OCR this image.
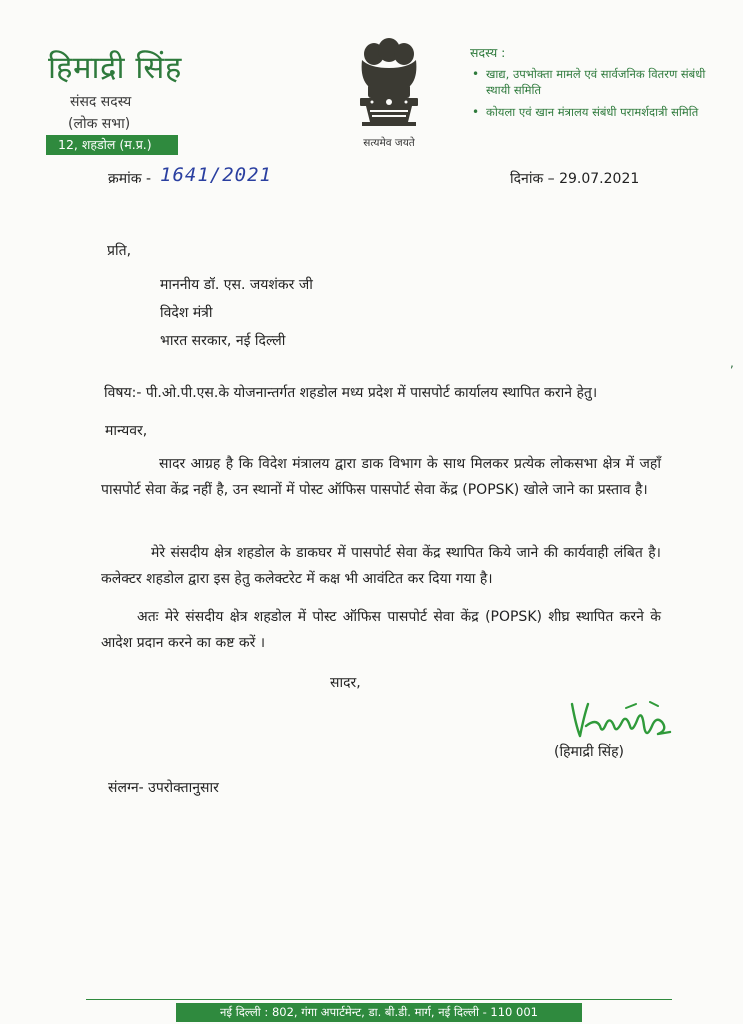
हिमाद्री सिंह
संसद सदस्य
(लोक सभा)
12, शहडोल (म.प्र.)	सत्यमेव जयते
सदस्य :
• खाद्य, उपभोक्ता मामले एवं सार्वजनिक वितरण संबंधी स्थायी समिति
• कोयला एवं खान मंत्रालय संबंधी परामर्शदात्री समिति
क्रमांक - 1641/2021	दिनांक – 29.07.2021
प्रति,
माननीय डॉ. एस. जयशंकर जी
विदेश मंत्री
भारत सरकार, नई दिल्ली
,
विषय:- पी.ओ.पी.एस.के योजनान्तर्गत शहडोल मध्य प्रदेश में पासपोर्ट कार्यालय स्थापित कराने हेतु।
मान्यवर,
सादर आग्रह है कि विदेश मंत्रालय द्वारा डाक विभाग के साथ मिलकर प्रत्येक लोकसभा क्षेत्र में जहाँ पासपोर्ट सेवा केंद्र नहीं है, उन स्थानों में पोस्ट ऑफिस पासपोर्ट सेवा केंद्र (POPSK) खोले जाने का प्रस्ताव है।
मेरे संसदीय क्षेत्र शहडोल के डाकघर में पासपोर्ट सेवा केंद्र स्थापित किये जाने की कार्यवाही लंबित है। कलेक्टर शहडोल द्वारा इस हेतु कलेक्टरेट में कक्ष भी आवंटित कर दिया गया है।
अतः मेरे संसदीय क्षेत्र शहडोल में पोस्ट ऑफिस पासपोर्ट सेवा केंद्र (POPSK) शीघ्र स्थापित करने के आदेश प्रदान करने का कष्ट करें ।
सादर,
(हिमाद्री सिंह)
संलग्न- उपरोक्तानुसार
नई दिल्ली : 802, गंगा अपार्टमेन्ट, डा. बी.डी. मार्ग, नई दिल्ली - 110 001
